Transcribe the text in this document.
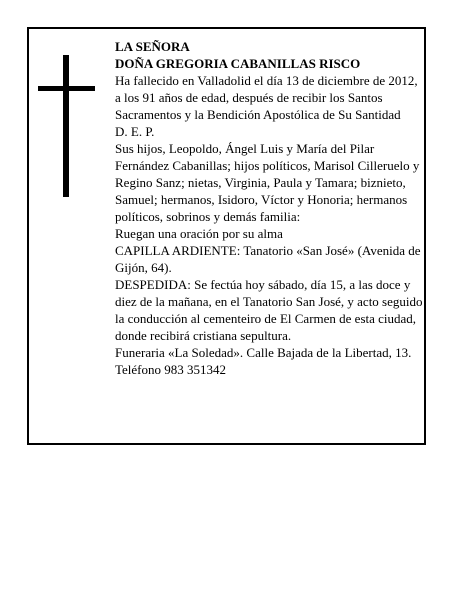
LA SEÑORA

DOÑA GREGORIA CABANILLAS RISCO

Ha fallecido en Valladolid el día 13 de diciembre de 2012, a los 91 años de edad, después de recibir los Santos Sacramentos y la Bendición Apostólica de Su Santidad

D. E. P.

Sus hijos, Leopoldo, Ángel Luis y María del Pilar Fernández Cabanillas; hijos políticos, Marisol Cilleruelo y Regino Sanz; nietas, Virginia, Paula y Tamara; biznieto, Samuel; hermanos, Isidoro, Víctor y Honoria; hermanos políticos, sobrinos y demás familia:

Ruegan una oración por su alma

CAPILLA ARDIENTE: Tanatorio «San José» (Avenida de Gijón, 64).

DESPEDIDA: Se fectúa hoy sábado, día 15, a las doce y diez de la mañana, en el Tanatorio San José, y acto seguido la conducción al cementeiro de El Carmen de esta ciudad, donde recibirá cristiana sepultura.

Funeraria «La Soledad». Calle Bajada de la Libertad, 13.

Teléfono 983 351342
